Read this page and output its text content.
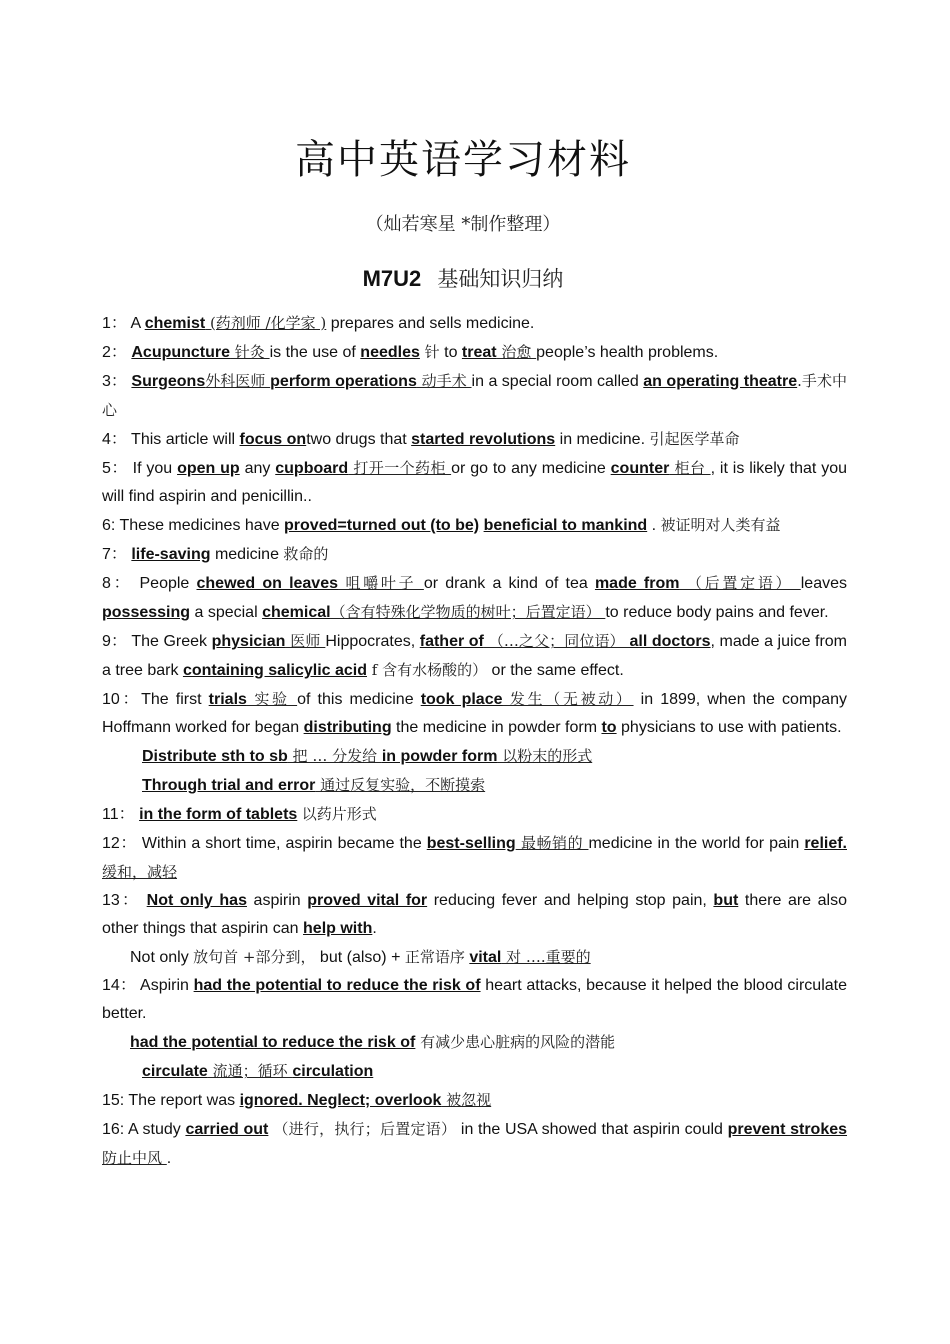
高中英语学习材料
（灿若寒星 *制作整理）
M7U2 基础知识归纳

1： A chemist (药剂师 /化学家 ) prepares and sells medicine.

2： Acupuncture 针灸 is the use of needles 针 to treat 治愈 people’s health problems.

3： Surgeons外科医师 perform operations 动手术 in a special room called an operating theatre.手术中心

4： This article will focus ontwo drugs that started revolutions in medicine. 引起医学革命

5： If you open up any cupboard 打开一个药柜 or go to any medicine counter 柜台 , it is likely that you will find aspirin and penicillin..

6: These medicines have proved=turned out (to be) beneficial to mankind . 被证明对人类有益

7： life-saving medicine 救命的

8： People chewed on leaves 咀嚼叶子 or drank a kind of tea made from （后置定语） leaves possessing a special chemical（含有特殊化学物质的树叶；后置定语） to reduce body pains and fever.

9： The Greek physician 医师 Hippocrates, father of （…之父；同位语） all doctors, made a juice from a tree bark containing salicylic acid f 含有水杨酸的） or the same effect.

10：The first trials 实验 of this medicine took place 发生（无被动） in 1899, when the company Hoffmann worked for began distributing the medicine in powder form to physicians to use with patients.

Distribute sth to sb 把 … 分发给 in powder form 以粉末的形式

Through trial and error 通过反复实验，不断摸索

11： in the form of tablets 以药片形式

12： Within a short time, aspirin became the best-selling 最畅销的 medicine in the world for pain relief. 缓和，减轻

13： Not only has aspirin proved vital for reducing fever and helping stop pain, but there are also other things that aspirin can help with.

Not only 放句首 +部分到， but (also) + 正常语序 vital 对 ….重要的

14： Aspirin had the potential to reduce the risk of heart attacks, because it helped the blood circulate better.

had the potential to reduce the risk of 有减少患心脏病的风险的潜能

circulate 流通；循环 circulation

15: The report was ignored. Neglect; overlook 被忽视

16: A study carried out （进行，执行；后置定语） in the USA showed that aspirin could prevent strokes 防止中风 .
